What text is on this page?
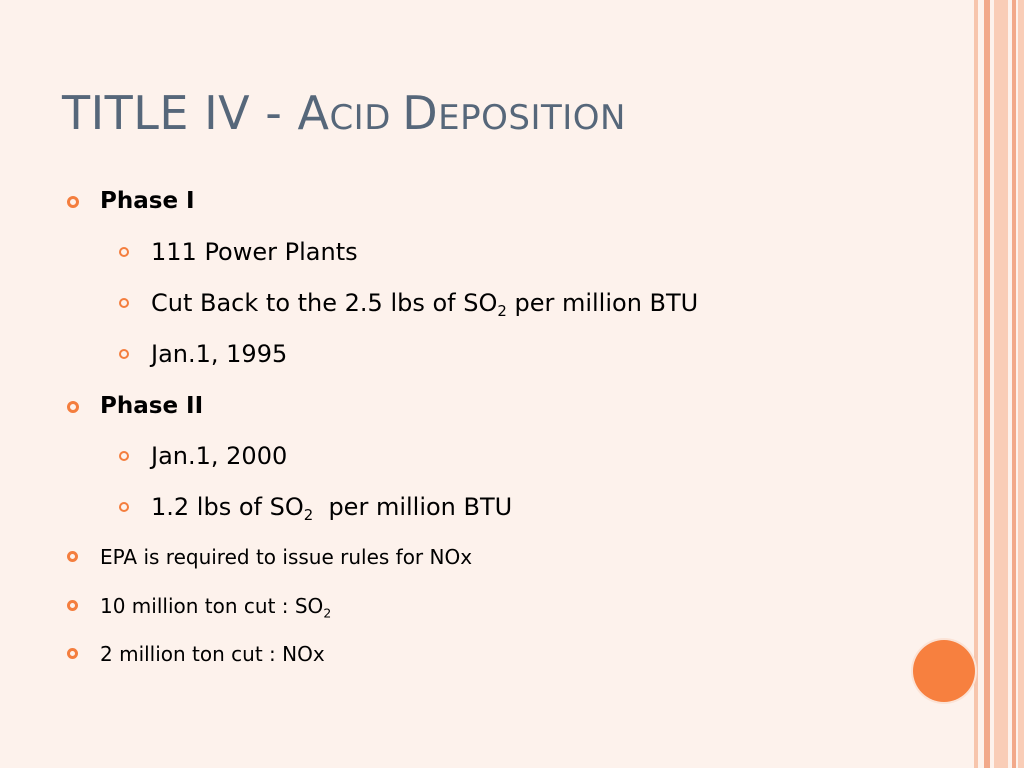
TITLE IV - ACID DEPOSITION
Phase I
111 Power Plants
Cut Back to the 2.5 lbs of $SO_2$ per million BTU
Jan.1, 1995
Phase II
Jan.1, 2000
1.2 lbs of $SO_2$  per million BTU
EPA is required to issue rules for NOx
10 million ton cut : $SO_2$
2 million ton cut : NOx
